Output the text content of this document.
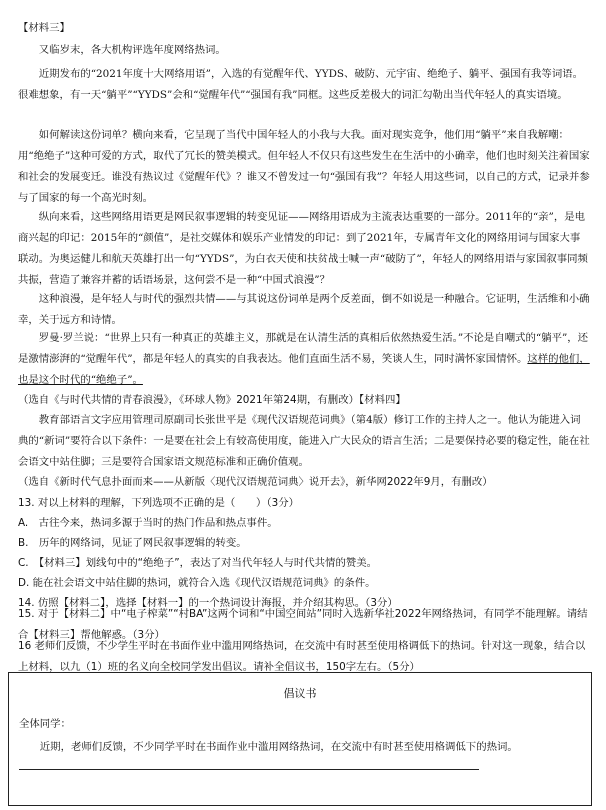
【材料三】

又临岁末，各大机构评选年度网络热词。

近期发布的“2021年度十大网络用语”，入选的有觉醒年代、YYDS、破防、元宇宙、绝绝子、躺平、强国有我等词语。很难想象，有一天“躺平”“YYDS”会和“觉醒年代”“强国有我”同框。这些反差极大的词汇勾勒出当代年轻人的真实语境。

如何解读这份词单？横向来看，它呈现了当代中国年轻人的小我与大我。面对现实竞争，他们用“躺平”来自我解嘲：用“绝绝子”这种可爱的方式，取代了冗长的赞美模式。但年轻人不仅只有这些发生在生活中的小确幸，他们也时刻关注着国家和社会的发展变迁。谁没有热议过《觉醒年代》？谁又不曾发过一句“强国有我”？年轻人用这些词，以自己的方式，记录并参与了国家的每一个高光时刻。

纵向来看，这些网络用语更是网民叙事逻辑的转变见证——网络用语成为主流表达重要的一部分。2011年的“亲”，是电商兴起的印记：2015年的“颜值”，是社交媒体和娱乐产业情发的印记：到了2021年，专属青年文化的网络用词与国家大事联动。为奥运健儿和航天英雄打出一句“YYDS”，为白衣天使和扶贫战士喊一声“破防了”，年轻人的网络用语与家国叙事同频共振，营造了兼容并蓄的话语场景，这何尝不是一种“中国式浪漫”？

这种浪漫，是年轻人与时代的强烈共情——与其说这份词单是两个反差面，倒不如说是一种融合。它证明，生活维和小确幸，关于远方和诗情。

罗曼·罗兰说：“世界上只有一种真正的英雄主义，那就是在认清生活的真相后依然热爱生活。”不论是自嘲式的“躺平”，还是激情澎湃的“觉醒年代”，都是年轻人的真实的自我表达。他们直面生活不易，笑谈人生，同时满怀家国情怀。这样的他们，也是这个时代的“绝绝子”。

（选自《与时代共情的青春浪漫》，《环球人物》2021年第24期，有删改）【材料四】

教育部语言文字应用管理司原副司长张世平是《现代汉语规范词典》（第4版）修订工作的主持人之一。他认为能进入词典的“新词”要符合以下条件：一是要在社会上有较高使用度，能进入广大民众的语言生活；二是要保持必要的稳定性，能在社会语文中站住脚；三是要符合国家语文规范标准和正确价值观。

（选自《新时代气息扑面而来——从新版〈现代汉语规范词典〉说开去》，新华网2022年9月，有删改）

13. 对以上材料的理解，下列选项不正确的是（　　）（3分）

A.　古往今来，热词多源于当时的热门作品和热点事件。

B.　历年的网络词，见证了网民叙事逻辑的转变。

C.　【材料三】划线句中的“绝绝子”，表达了对当代年轻人与时代共情的赞美。

D. 能在社会语文中站住脚的热词，就符合入选《现代汉语规范词典》的条件。

14. 仿照【材料二】，选择【材料一】的一个热词设计海报，并介绍其构思。（3分）

15. 对于【材料二】中“电子榨菜”“村BA”这两个词和“中国空间站”同时入选新华社2022年网络热词，有同学不能理解。请结合【材料三】帮他解惑。（3分）

16 老师们反馈，不少学生平时在书面作业中滥用网络热词，在交流中有时甚至使用格调低下的热词。针对这一现象，结合以上材料，以九（1）班的名义向全校同学发出倡议。请补全倡议书，150字左右。（5分）

倡议书
全体同学：
近期，老师们反馈，不少同学平时在书面作业中滥用网络热词，在交流中有时甚至使用格调低下的热词。
